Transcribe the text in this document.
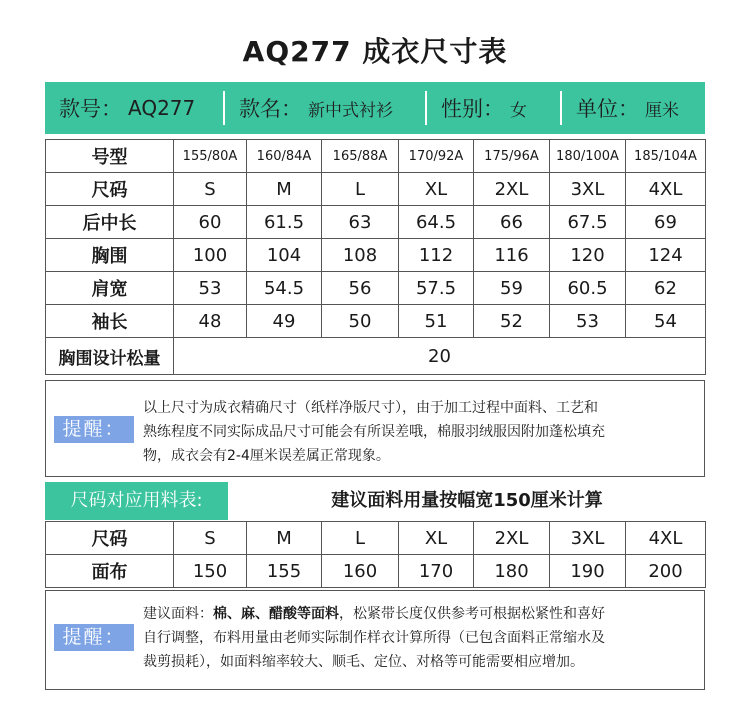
AQ277 成衣尺寸表
款号： AQ277 款名： 新中式衬衫 性别： 女 单位： 厘米
号型	155/80A	160/84A	165/88A	170/92A	175/96A	180/100A	185/104A
尺码	S	M	L	XL	2XL	3XL	4XL
后中长	60	61.5	63	64.5	66	67.5	69
胸围	100	104	108	112	116	120	124
肩宽	53	54.5	56	57.5	59	60.5	62
袖长	48	49	50	51	52	53	54
胸围设计松量	20						
提醒：
以上尺寸为成衣精确尺寸（纸样净版尺寸），由于加工过程中面料、工艺和
熟练程度不同实际成品尺寸可能会有所误差哦，棉服羽绒服因附加蓬松填充
物，成衣会有2-4厘米误差属正常现象。
尺码对应用料表:	建议面料用量按幅宽150厘米计算
尺码	S	M	L	XL	2XL	3XL	4XL
面布	150	155	160	170	180	190	200
提醒：
建议面料：棉、麻、醋酸等面料，松紧带长度仅供参考可根据松紧性和喜好
自行调整，布料用量由老师实际制作样衣计算所得（已包含面料正常缩水及
裁剪损耗），如面料缩率较大、顺毛、定位、对格等可能需要相应增加。
